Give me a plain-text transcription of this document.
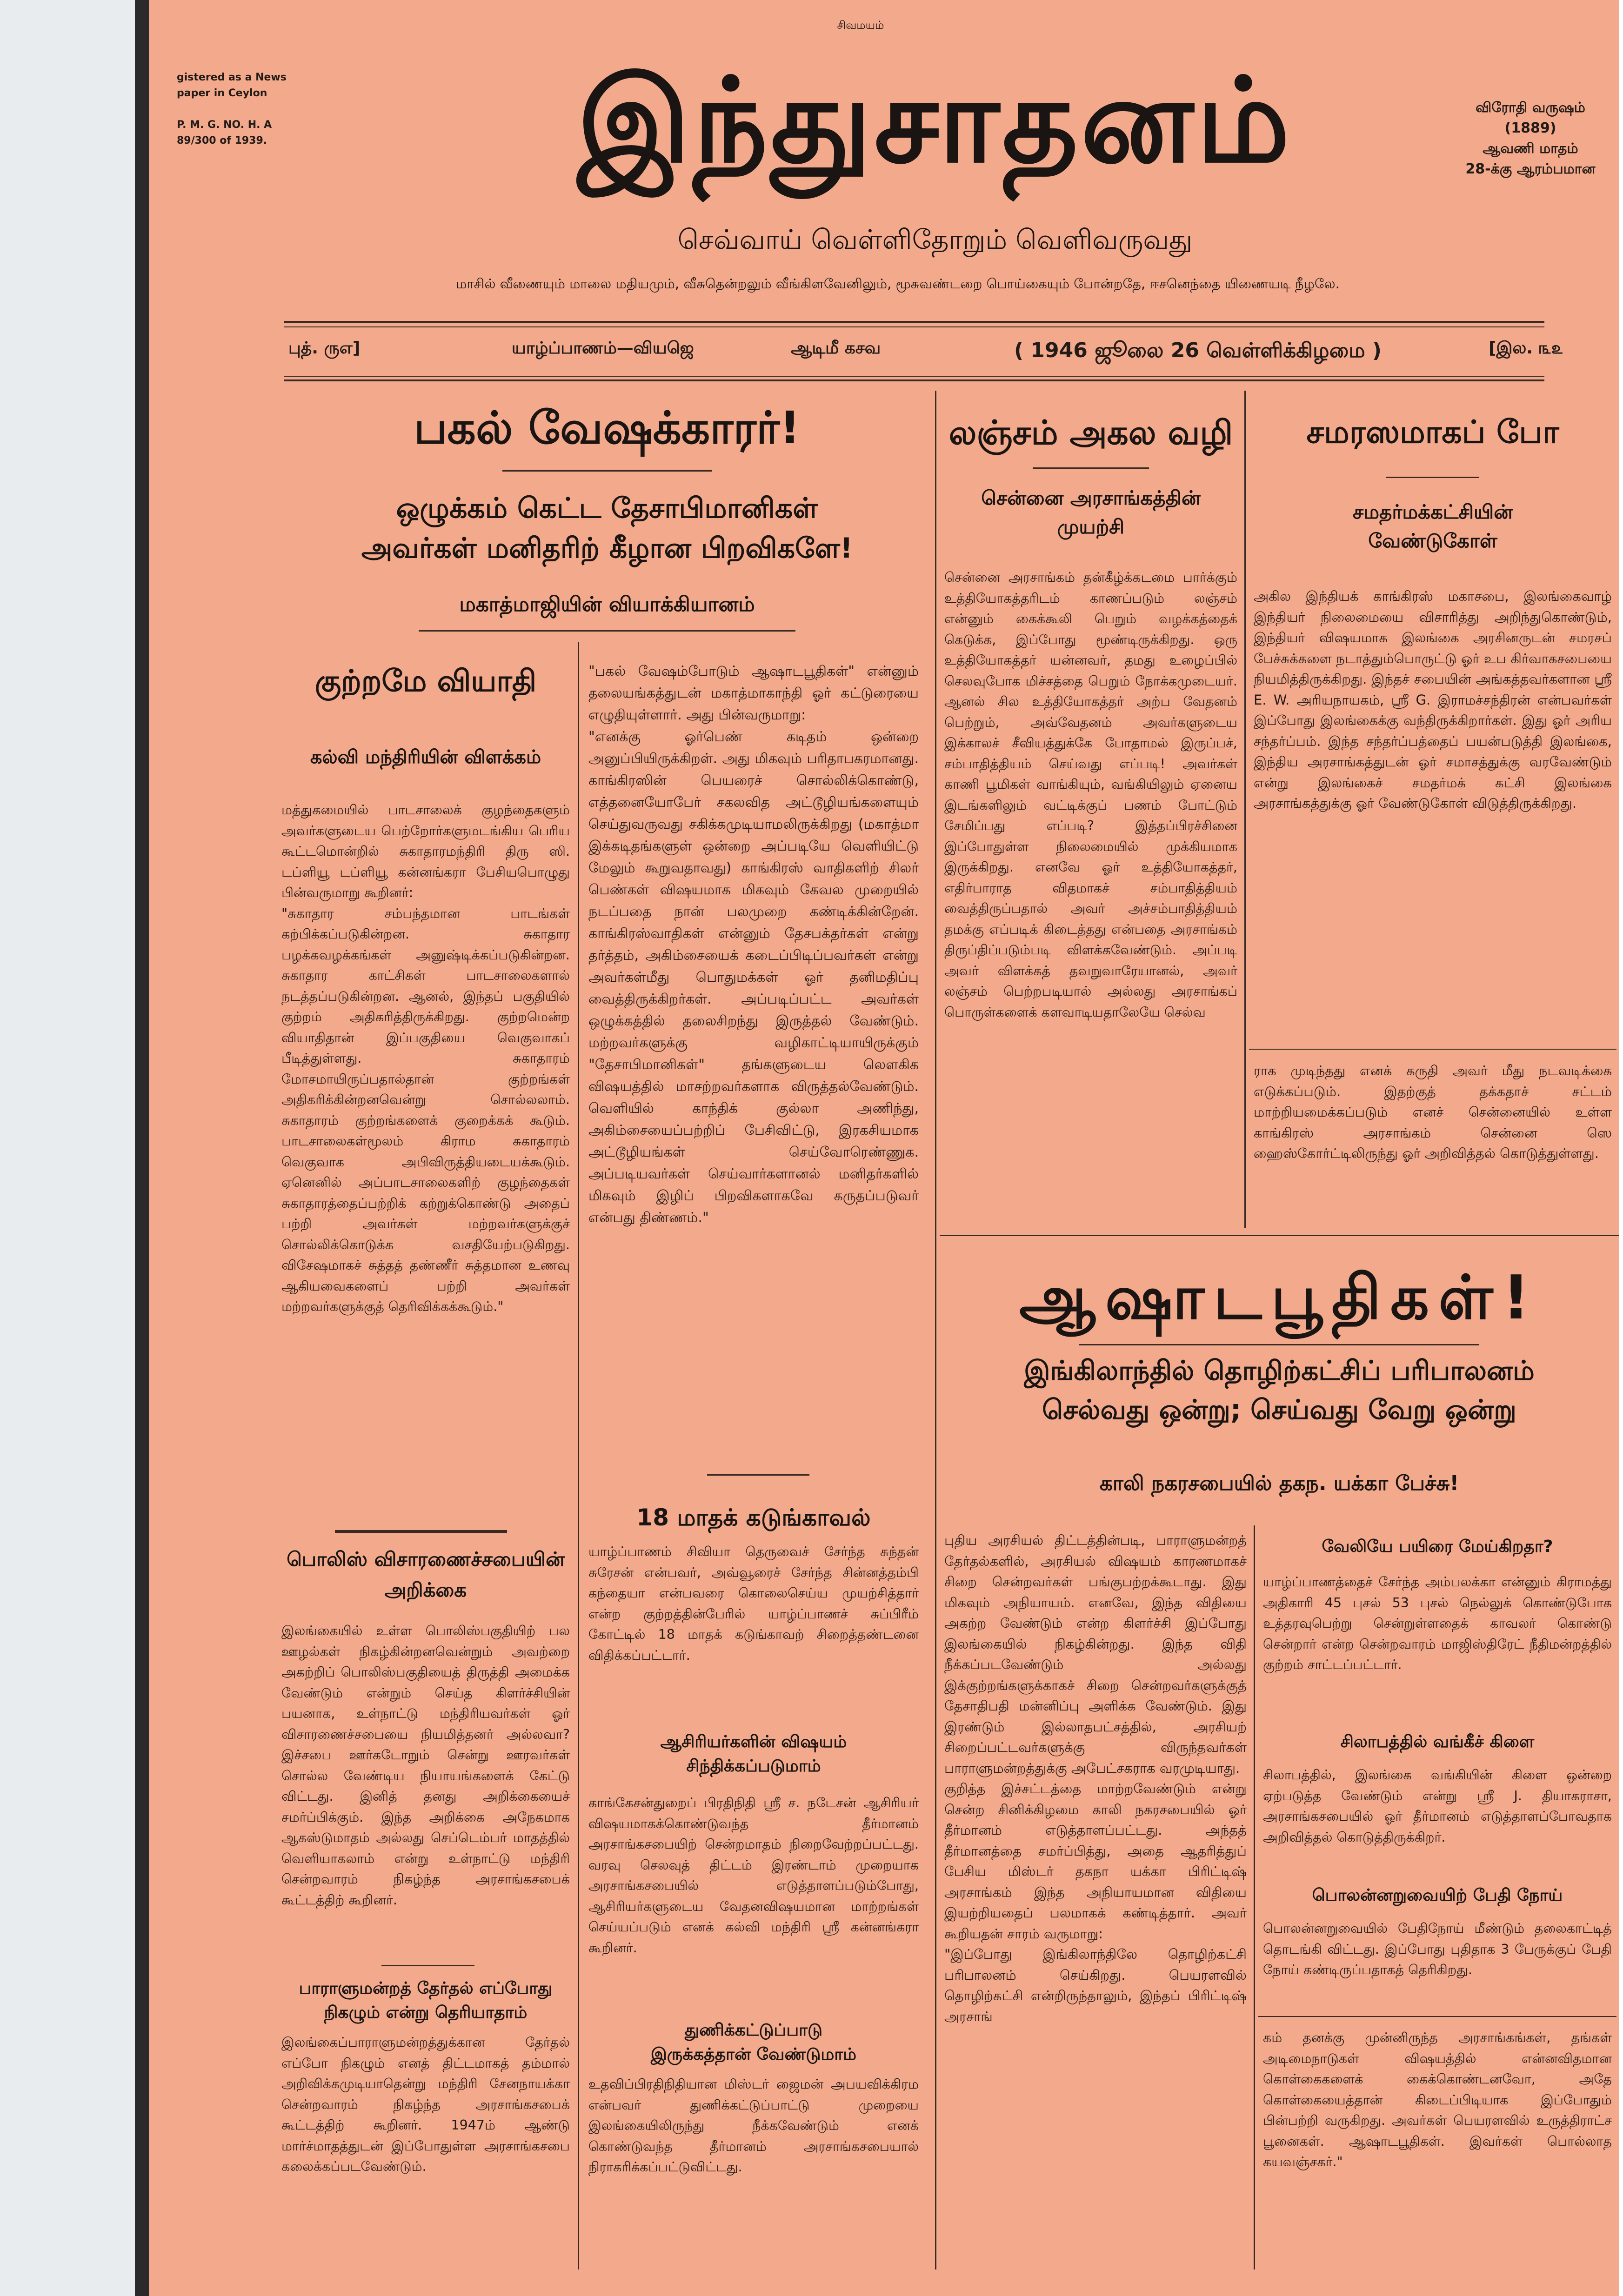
gistered as a News
paper in Ceylon

P. M. G. NO. H. A
89/300 of 1939.
சிவமயம்
இந்துசாதனம்	விரோதி வருஷம்
(1889)
ஆவணி மாதம்
28-க்கு ஆரம்பமான
செவ்வாய் வெள்ளிதோறும் வெளிவருவது
மாசில் வீணையும் மாலை மதியமும், வீசுதென்றலும் வீங்கிளவேனிலும், மூசுவண்டறை பொய்கையும் போன்றதே, ஈசனெந்தை யிணையடி நீழலே.
புத். ருஎ]	யாழ்ப்பாணம்—வியஜெ	ஆடிமீ கசவ	( 1946 ஜூலை 26 வெள்ளிக்கிழமை )	[இல. ௩௨
பகல் வேஷக்காரர்!
ஒழுக்கம் கெட்ட தேசாபிமானிகள்
அவர்கள் மனிதரிற் கீழான பிறவிகளே!
மகாத்மாஜியின் வியாக்கியானம்
குற்றமே வியாதி
கல்வி மந்திரியின் விளக்கம்
மத்துகமையில் பாடசாலைக் குழந்தைகளும் அவர்களுடைய பெற்றோர்களுமடங்கிய பெரிய கூட்டமொன்றில் சுகாதாரமந்திரி திரு ஸி. டப்ளியூ டப்ளியூ கன்னங்கரா பேசியபொழுது பின்வருமாறு கூறினர்:
"சுகாதார சம்பந்தமான பாடங்கள் கற்பிக்கப்படுகின்றன. சுகாதார பழக்கவழக்கங்கள் அனுஷ்டிக்கப்படுகின்றன. சுகாதார காட்சிகள் பாடசாலைகளால் நடத்தப்படுகின்றன. ஆனல், இந்தப் பகுதியில் குற்றம் அதிகரித்திருக்கிறது. குற்றமென்ற வியாதிதான் இப்பகுதியை வெகுவாகப் பீடித்துள்ளது. சுகாதாரம் மோசமாயிருப்பதால்தான் குற்றங்கள் அதிகரிக்கின்றனவென்று சொல்லலாம். சுகாதாரம் குற்றங்களைக் குறைக்கக் கூடும். பாடசாலைகள்மூலம் கிராம சுகாதாரம் வெகுவாக அபிவிருத்தியடையக்கூடும். ஏனெனில் அப்பாடசாலைகளிற் குழந்தைகள் சுகாதாரத்தைப்பற்றிக் கற்றுக்கொண்டு அதைப் பற்றி அவர்கள் மற்றவர்களுக்குச் சொல்லிக்கொடுக்க வசதியேற்படுகிறது. விசேஷமாகச் சுத்தத் தண்ணீர் சுத்தமான உணவு ஆகியவைகளைப் பற்றி அவர்கள் மற்றவர்களுக்குத் தெரிவிக்கக்கூடும்."
பொலிஸ் விசாரணைச்சபையின்
அறிக்கை
இலங்கையில் உள்ள பொலிஸ்பகுதியிற் பல ஊழல்கள் நிகழ்கின்றனவென்றும் அவற்றை அகற்றிப் பொலிஸ்பகுதியைத் திருத்தி அமைக்க வேண்டும் என்றும் செய்த கிளர்ச்சியின் பயனாக, உள்நாட்டு மந்திரியவர்கள் ஓர் விசாரணைச்சபையை நியமித்தனர் அல்லவா? இச்சபை ஊர்கடோறும் சென்று ஊரவர்கள் சொல்ல வேண்டிய நியாயங்களைக் கேட்டு விட்டது. இனித் தனது அறிக்கையைச் சமர்ப்பிக்கும். இந்த அறிக்கை அநேகமாக ஆகஸ்டுமாதம் அல்லது செப்டெம்பர் மாதத்தில் வெளியாகலாம் என்று உள்நாட்டு மந்திரி சென்றவாரம் நிகழ்ந்த அரசாங்கசபைக் கூட்டத்திற் கூறினர்.
பாராளுமன்றத் தேர்தல் எப்போது
நிகழும் என்று தெரியாதாம்
இலங்கைப்பாராளுமன்றத்துக்கான தேர்தல் எப்போ நிகழும் எனத் திட்டமாகத் தம்மால் அறிவிக்கமுடியாதென்று மந்திரி சேனநாயக்கா சென்றவாரம் நிகழ்ந்த அரசாங்கசபைக் கூட்டத்திற் கூறினர். 1947ம் ஆண்டு மார்ச்மாதத்துடன் இப்போதுள்ள அரசாங்கசபை கலைக்கப்படவேண்டும்.
"பகல் வேஷம்போடும் ஆஷாடபூதிகள்" என்னும் தலையங்கத்துடன் மகாத்மாகாந்தி ஓர் கட்டுரையை எழுதியுள்ளார். அது பின்வருமாறு:
"எனக்கு ஓர்பெண் கடிதம் ஒன்றை அனுப்பியிருக்கிறள். அது மிகவும் பரிதாபகரமானது. காங்கிரஸின் பெயரைச் சொல்லிக்கொண்டு, எத்தனையோபேர் சகலவித அட்டூழியங்களையும் செய்துவருவது சகிக்கமுடியாமலிருக்கிறது (மகாத்மா இக்கடிதங்களுள் ஒன்றை அப்படியே வெளியிட்டு மேலும் கூறுவதாவது) காங்கிரஸ் வாதிகளிற் சிலர் பெண்கள் விஷயமாக மிகவும் கேவல முறையில் நடப்பதை நான் பலமுறை கண்டிக்கின்றேன். காங்கிரஸ்வாதிகள் என்னும் தேசபக்தர்கள் என்று தர்த்தம், அகிம்சையைக் கடைப்பிடிப்பவர்கள் என்று அவர்கள்மீது பொதுமக்கள் ஓர் தனிமதிப்பு வைத்திருக்கிறர்கள். அப்படிப்பட்ட அவர்கள் ஒழுக்கத்தில் தலைசிறந்து இருத்தல் வேண்டும். மற்றவர்களுக்கு வழிகாட்டியாயிருக்கும் "தேசாபிமானிகள்" தங்களுடைய லௌகிக விஷயத்தில் மாசற்றவர்களாக விருத்தல்வேண்டும். வெளியில் காந்திக் குல்லா அணிந்து, அகிம்சையைப்பற்றிப் பேசிவிட்டு, இரகசியமாக அட்டூழியங்கள் செய்வோரெண்ணுக. அப்படியவர்கள் செய்வார்களானல் மனிதர்களில் மிகவும் இழிப் பிறவிகளாகவே கருதப்படுவர் என்பது திண்ணம்."
18 மாதக் கடுங்காவல்
யாழ்ப்பாணம் சிவியா தெருவைச் சேர்ந்த சுந்தன் சுரேசன் என்பவர், அவ்வூரைச் சேர்ந்த சின்னத்தம்பி கந்தையா என்பவரை கொலைசெய்ய முயற்சித்தார் என்ற குற்றத்தின்பேரில் யாழ்ப்பாணச் சுப்பிரீம் கோட்டில் 18 மாதக் கடுங்காவற் சிறைத்தண்டனை விதிக்கப்பட்டார்.
ஆசிரியர்களின் விஷயம்
சிந்திக்கப்படுமாம்
காங்கேசன்துறைப் பிரதிநிதி ஸ்ரீ ச. நடேசன் ஆசிரியர் விஷயமாகக்கொண்டுவந்த தீர்மானம் அரசாங்கசபையிற் சென்றமாதம் நிறைவேற்றப்பட்டது. வரவு செலவுத் திட்டம் இரண்டாம் முறையாக அரசாங்கசபையில் எடுத்தாளப்படும்போது, ஆசிரியர்களுடைய வேதனவிஷயமான மாற்றங்கள் செய்யப்படும் எனக் கல்வி மந்திரி ஸ்ரீ கன்னங்கரா கூறினர்.
துணிக்கட்டுப்பாடு
இருக்கத்தான் வேண்டுமாம்
உதவிப்பிரதிநிதியான மிஸ்டர் ஜைமன் அபயவிக்கிரம என்பவர் துணிக்கட்டுப்பாட்டு முறையை இலங்கையிலிருந்து நீக்கவேண்டும் எனக் கொண்டுவந்த தீர்மானம் அரசாங்கசபையால் நிராகரிக்கப்பட்டுவிட்டது.
லஞ்சம் அகல வழி
சென்னை அரசாங்கத்தின்
முயற்சி
சென்னை அரசாங்கம் தன்கீழ்க்கடமை பார்க்கும் உத்தியோகத்தரிடம் காணப்படும் லஞ்சம் என்னும் கைக்கூலி பெறும் வழக்கத்தைக் கெடுக்க, இப்போது மூண்டிருக்கிறது. ஒரு உத்தியோகத்தர் யன்னவர், தமது உழைப்பில் செலவுபோக மிச்சத்தை பெறும் நோக்கமுடையர். ஆனல் சில உத்தியோகத்தர் அற்ப வேதனம் பெற்றும், அவ்வேதனம் அவர்களுடைய இக்காலச் சீவியத்துக்கே போதாமல் இருப்பச், சம்பாதித்தியம் செய்வது எப்படி! அவர்கள் காணி பூமிகள் வாங்கியும், வங்கியிலும் ஏனைய இடங்களிலும் வட்டிக்குப் பணம் போட்டும் சேமிப்பது எப்படி? இத்தப்பிரச்சினை இப்போதுள்ள நிலைமையில் முக்கியமாக இருக்கிறது. எனவே ஓர் உத்தியோகத்தர், எதிர்பாராத விதமாகச் சம்பாதித்தியம் வைத்திருப்பதால் அவர் அச்சம்பாதித்தியம் தமக்கு எப்படிக் கிடைத்தது என்பதை அரசாங்கம் திருப்திப்படும்படி விளக்கவேண்டும். அப்படி அவர் விளக்கத் தவறுவாரேயானல், அவர் லஞ்சம் பெற்றபடியால் அல்லது அரசாங்கப் பொருள்களைக் களவாடியதாலேயே செல்வ
சமரஸமாகப் போ
சமதர்மக்கட்சியின்
வேண்டுகோள்
அகில இந்தியக் காங்கிரஸ் மகாசபை, இலங்கைவாழ் இந்தியர் நிலைமையை விசாரித்து அறிந்துகொண்டும், இந்தியர் விஷயமாக இலங்கை அரசினருடன் சமரசப் பேச்சுக்களை நடாத்தும்பொருட்டு ஓர் உப கிர்வாகசபையை நியமித்திருக்கிறது. இந்தச் சபையின் அங்கத்தவர்களான ஸ்ரீ E. W. அரியநாயகம், ஸ்ரீ G. இராமச்சந்திரன் என்பவர்கள் இப்போது இலங்கைக்கு வந்திருக்கிறார்கள். இது ஓர் அரிய சந்தர்ப்பம். இந்த சந்தர்ப்பத்தைப் பயன்படுத்தி இலங்கை, இந்திய அரசாங்கத்துடன் ஓர் சமாசத்துக்கு வரவேண்டும் என்று இலங்கைச் சமதர்மக் கட்சி இலங்கை அரசாங்கத்துக்கு ஓர் வேண்டுகோள் விடுத்திருக்கிறது.
ராக முடிந்தது எனக் கருதி அவர் மீது நடவடிக்கை எடுக்கப்படும். இதற்குத் தக்கதாச் சட்டம் மாற்றியமைக்கப்படும் எனச் சென்னையில் உள்ள காங்கிரஸ் அரசாங்கம் சென்னை ஸெ ஹைஸ்கோர்ட்டிலிருந்து ஓர் அறிவித்தல் கொடுத்துள்ளது.
ஆஷாடபூதிகள்!
இங்கிலாந்தில் தொழிற்கட்சிப் பரிபாலனம்
செல்வது ஒன்று; செய்வது வேறு ஒன்று
காலி நகரசபையில் தகந. யக்கா பேச்சு!
புதிய அரசியல் திட்டத்தின்படி, பாராளுமன்றத் தேர்தல்களில், அரசியல் விஷயம் காரணமாகச் சிறை சென்றவர்கள் பங்குபற்றக்கூடாது. இது மிகவும் அநியாயம். எனவே, இந்த விதியை அகற்ற வேண்டும் என்ற கிளர்ச்சி இப்போது இலங்கையில் நிகழ்கின்றது. இந்த விதி நீக்கப்படவேண்டும் அல்லது இக்குற்றங்களுக்காகச் சிறை சென்றவர்களுக்குத் தேசாதிபதி மன்னிப்பு அளிக்க வேண்டும். இது இரண்டும் இல்லாதபட்சத்தில், அரசியற் சிறைப்பட்டவர்களுக்கு விருந்தவர்கள் பாராளுமன்றத்துக்கு அபேட்சகராக வரமுடியாது.
குறித்த இச்சட்டத்தை மாற்றவேண்டும் என்று சென்ற சினிக்கிழமை காலி நகரசபையில் ஓர் தீர்மானம் எடுத்தாளப்பட்டது. அந்தத் தீர்மானத்தை சமர்ப்பித்து, அதை ஆதரித்துப் பேசிய மிஸ்டர் தகநா யக்கா பிரிட்டிஷ் அரசாங்கம் இந்த அநியாயமான விதியை இயற்றியதைப் பலமாகக் கண்டித்தார். அவர் கூறியதன் சாரம் வருமாறு:
"இப்போது இங்கிலாந்திலே தொழிற்கட்சி பரிபாலனம் செய்கிறது. பெயரளவில் தொழிற்கட்சி என்றிருந்தாலும், இந்தப் பிரிட்டிஷ் அரசாங்
வேலியே பயிரை மேய்கிறதா?
யாழ்ப்பாணத்தைச் சேர்ந்த அம்பலக்கா என்னும் கிராமத்து அதிகாரி 45 புசல் 53 புசல் நெல்லுக் கொண்டுபோக உத்தரவுபெற்று சென்றுள்ளதைக் காவலர் கொண்டு சென்றார் என்ற சென்றவாரம் மாஜிஸ்திரேட் நீதிமன்றத்தில் குற்றம் சாட்டப்பட்டார்.
சிலாபத்தில் வங்கீச் கிளை
சிலாபத்தில், இலங்கை வங்கியின் கிளை ஒன்றை ஏற்படுத்த வேண்டும் என்று ஸ்ரீ J. தியாகராசா, அரசாங்கசபையில் ஓர் தீர்மானம் எடுத்தாளப்போவதாக அறிவித்தல் கொடுத்திருக்கிறர்.
பொலன்னறுவையிற் பேதி நோய்
பொலன்னறுவையில் பேதிநோய் மீண்டும் தலைகாட்டித் தொடங்கி விட்டது. இப்போது புதிதாக 3 பேருக்குப் பேதி நோய் கண்டிருப்பதாகத் தெரிகிறது.
கம் தனக்கு முன்னிருந்த அரசாங்கங்கள், தங்கள் அடிமைநாடுகள் விஷயத்தில் என்னவிதமான கொள்கைகளைக் கைக்கொண்டனவோ, அதே கொள்கையைத்தான் கிடைப்பிடியாக இப்போதும் பின்பற்றி வருகிறது. அவர்கள் பெயரளவில் உருத்திராட்ச பூனைகள். ஆஷாடபூதிகள். இவர்கள் பொல்லாத கயவஞ்சகர்."
